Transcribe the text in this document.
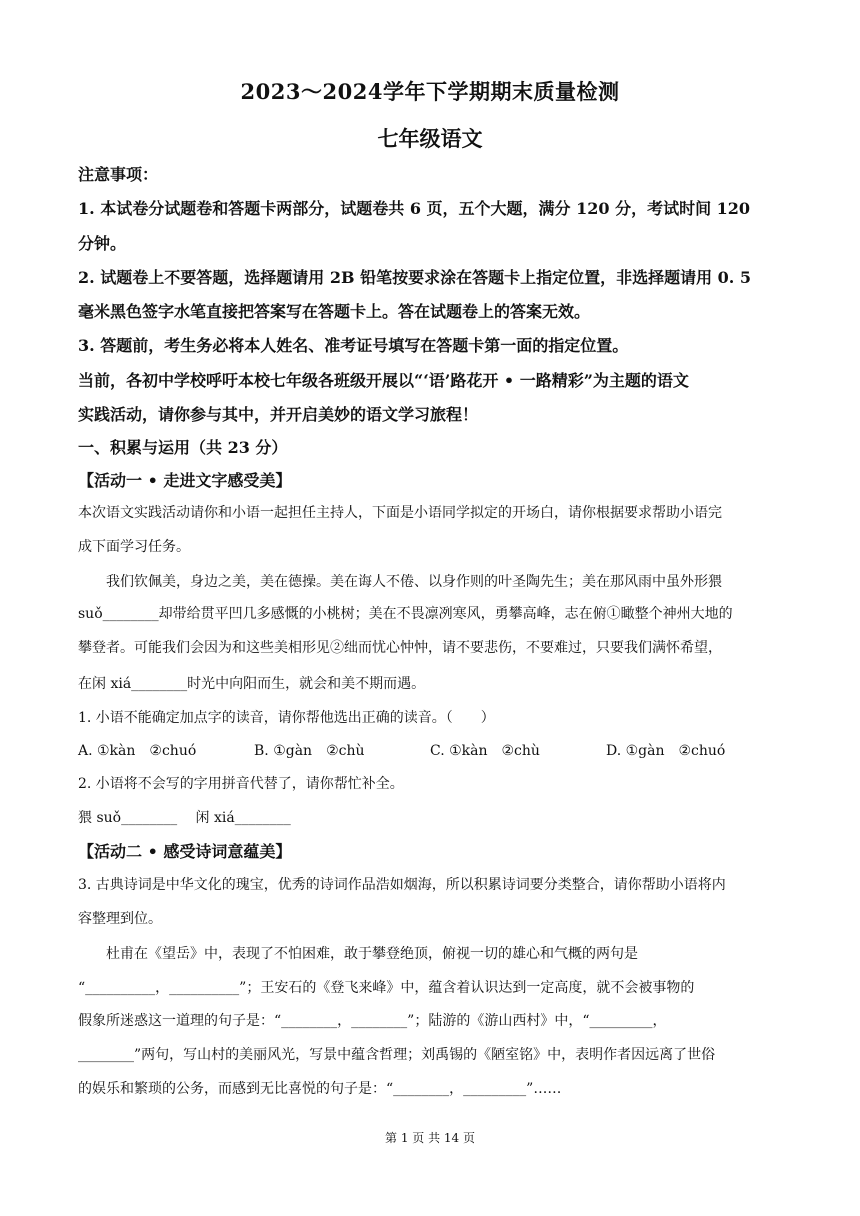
2023～2024学年下学期期末质量检测
七年级语文
注意事项：
1. 本试卷分试题卷和答题卡两部分，试题卷共 6 页，五个大题，满分 120 分，考试时间 120
分钟。
2. 试题卷上不要答题，选择题请用 2B 铅笔按要求涂在答题卡上指定位置，非选择题请用 0. 5
毫米黑色签字水笔直接把答案写在答题卡上。答在试题卷上的答案无效。
3. 答题前，考生务必将本人姓名、准考证号填写在答题卡第一面的指定位置。
当前，各初中学校呼吁本校七年级各班级开展以“‘语’路花开 • 一路精彩”为主题的语文
实践活动，请你参与其中，并开启美妙的语文学习旅程！
一、积累与运用（共 23 分）
【活动一 • 走进文字感受美】
本次语文实践活动请你和小语一起担任主持人，下面是小语同学拟定的开场白，请你根据要求帮助小语完
成下面学习任务。
我们钦佩美，身边之美，美在德操。美在诲人不倦、以身作则的叶圣陶先生；美在那风雨中虽外形猥
suǒ________却带给贯平凹几多感慨的小桃树；美在不畏凛冽寒风，勇攀高峰，志在俯①瞰整个神州大地的
攀登者。可能我们会因为和这些美相形见②绌而忧心忡忡，请不要悲伤，不要难过，只要我们满怀希望，
在闲 xiá________时光中向阳而生，就会和美不期而遇。
1. 小语不能确定加点字的读音，请你帮他选出正确的读音。（　　）
A. ①kàn　②chuó	B. ①gàn　②chù	C. ①kàn　②chù	D. ①gàn　②chuó
2. 小语将不会写的字用拼音代替了，请你帮忙补全。
猥 suǒ________　 闲 xiá________
【活动二 • 感受诗词意蕴美】
3. 古典诗词是中华文化的瑰宝，优秀的诗词作品浩如烟海，所以积累诗词要分类整合，请你帮助小语将内
容整理到位。
杜甫在《望岳》中，表现了不怕困难，敢于攀登绝顶，俯视一切的雄心和气概的两句是
“__________，__________”；王安石的《登飞来峰》中，蕴含着认识达到一定高度，就不会被事物的
假象所迷惑这一道理的句子是：“________，________”；陆游的《游山西村》中，“_________，
________”两句，写山村的美丽风光，写景中蕴含哲理；刘禹锡的《陋室铭》中，表明作者因远离了世俗
的娱乐和繁琐的公务，而感到无比喜悦的句子是：“________，_________”……
第 1 页 共 14 页
